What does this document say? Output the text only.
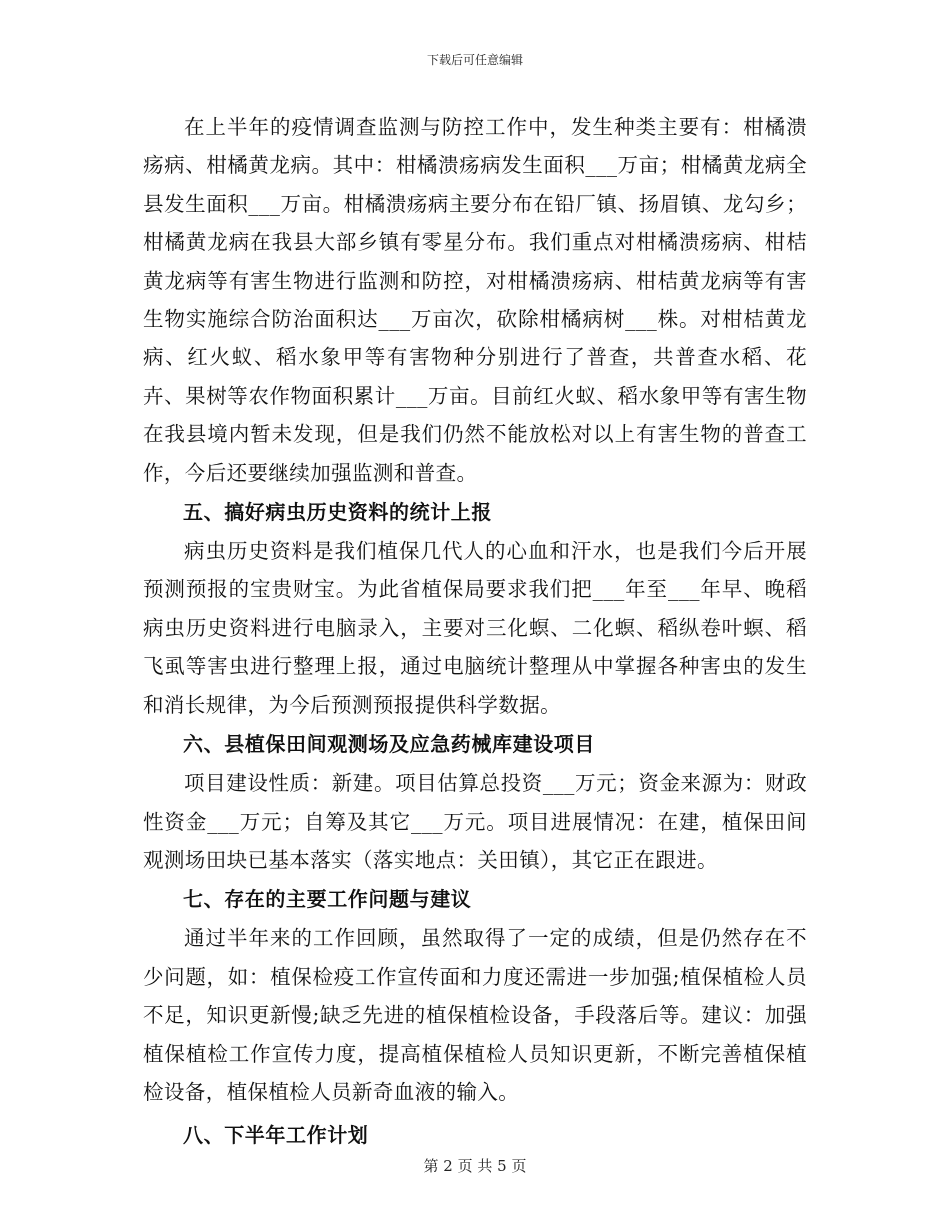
下载后可任意编辑

在上半年的疫情调查监测与防控工作中，发生种类主要有：柑橘溃疡病、柑橘黄龙病。其中：柑橘溃疡病发生面积___万亩；柑橘黄龙病全县发生面积___万亩。柑橘溃疡病主要分布在铅厂镇、扬眉镇、龙勾乡；柑橘黄龙病在我县大部乡镇有零星分布。我们重点对柑橘溃疡病、柑桔黄龙病等有害生物进行监测和防控，对柑橘溃疡病、柑桔黄龙病等有害生物实施综合防治面积达___万亩次，砍除柑橘病树___株。对柑桔黄龙病、红火蚁、稻水象甲等有害物种分别进行了普查，共普查水稻、花卉、果树等农作物面积累计___万亩。目前红火蚁、稻水象甲等有害生物在我县境内暂未发现，但是我们仍然不能放松对以上有害生物的普查工作，今后还要继续加强监测和普查。

五、搞好病虫历史资料的统计上报

病虫历史资料是我们植保几代人的心血和汗水，也是我们今后开展预测预报的宝贵财宝。为此省植保局要求我们把___年至___年早、晚稻病虫历史资料进行电脑录入，主要对三化螟、二化螟、稻纵卷叶螟、稻飞虱等害虫进行整理上报，通过电脑统计整理从中掌握各种害虫的发生和消长规律，为今后预测预报提供科学数据。

六、县植保田间观测场及应急药械库建设项目

项目建设性质：新建。项目估算总投资___万元；资金来源为：财政性资金___万元；自筹及其它___万元。项目进展情况：在建，植保田间观测场田块已基本落实（落实地点：关田镇），其它正在跟进。

七、存在的主要工作问题与建议

通过半年来的工作回顾，虽然取得了一定的成绩，但是仍然存在不少问题，如：植保检疫工作宣传面和力度还需进一步加强;植保植检人员不足，知识更新慢;缺乏先进的植保植检设备，手段落后等。建议：加强植保植检工作宣传力度，提高植保植检人员知识更新，不断完善植保植检设备，植保植检人员新奇血液的输入。

八、下半年工作计划

第 2 页 共 5 页
